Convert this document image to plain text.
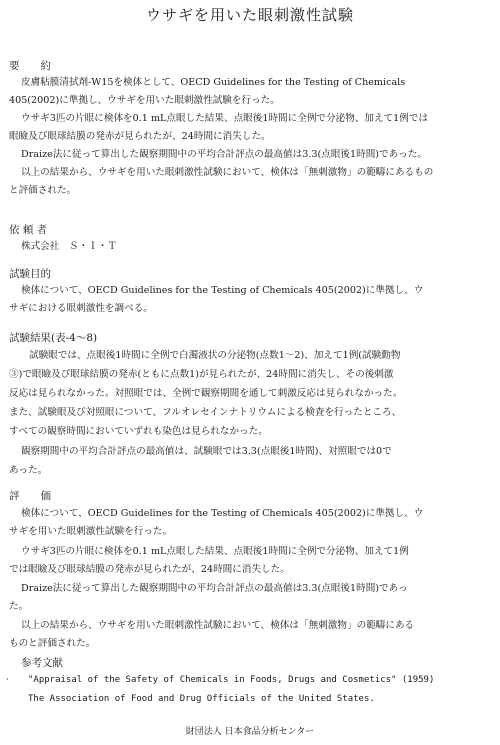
ウサギを用いた眼刺激性試験
要　　約
皮膚粘膜清拭剤-W15を検体として、OECD Guidelines for the Testing of Chemicals
405(2002)に準拠し、ウサギを用いた眼刺激性試験を行った。
ウサギ3匹の片眼に検体を0.1 mL点眼した結果、点眼後1時間に全例で分泌物、加えて1例では
眼瞼及び眼球結膜の発赤が見られたが、24時間に消失した。
Draize法に従って算出した観察期間中の平均合計評点の最高値は3.3(点眼後1時間)であった。
以上の結果から、ウサギを用いた眼刺激性試験において、検体は「無刺激物」の範疇にあるもの
と評価された。
依 頼 者
株式会社　Ｓ・Ｉ・Ｔ
試験目的
検体について、OECD Guidelines for the Testing of Chemicals 405(2002)に準拠し、ウ
サギにおける眼刺激性を調べる。
試験結果(表-4～8)
試験眼では、点眼後1時間に全例で白濁液状の分泌物(点数1～2)、加えて1例(試験動物
③)で眼瞼及び眼球結膜の発赤(ともに点数1)が見られたが、24時間に消失し、その後刺激
反応は見られなかった。対照眼では、全例で観察期間を通して刺激反応は見られなかった。
また、試験眼及び対照眼について、フルオレセインナトリウムによる検査を行ったところ、
すべての観察時間においていずれも染色は見られなかった。
観察期間中の平均合計評点の最高値は、試験眼では3.3(点眼後1時間)、対照眼では0で
あった。
評　　価
検体について、OECD Guidelines for the Testing of Chemicals 405(2002)に準拠し、ウ
サギを用いた眼刺激性試験を行った。
ウサギ3匹の片眼に検体を0.1 mL点眼した結果、点眼後1時間に全例で分泌物、加えて1例
では眼瞼及び眼球結膜の発赤が見られたが、24時間に消失した。
Draize法に従って算出した観察期間中の平均合計評点の最高値は3.3(点眼後1時間)であっ
た。
以上の結果から、ウサギを用いた眼刺激性試験において、検体は「無刺激物」の範疇にある
ものと評価された。
参考文献
· "Appraisal of the Safety of Chemicals in Foods, Drugs and Cosmetics" (1959)
The Association of Food and Drug Officials of the United States.
財団法人 日本食品分析センター
